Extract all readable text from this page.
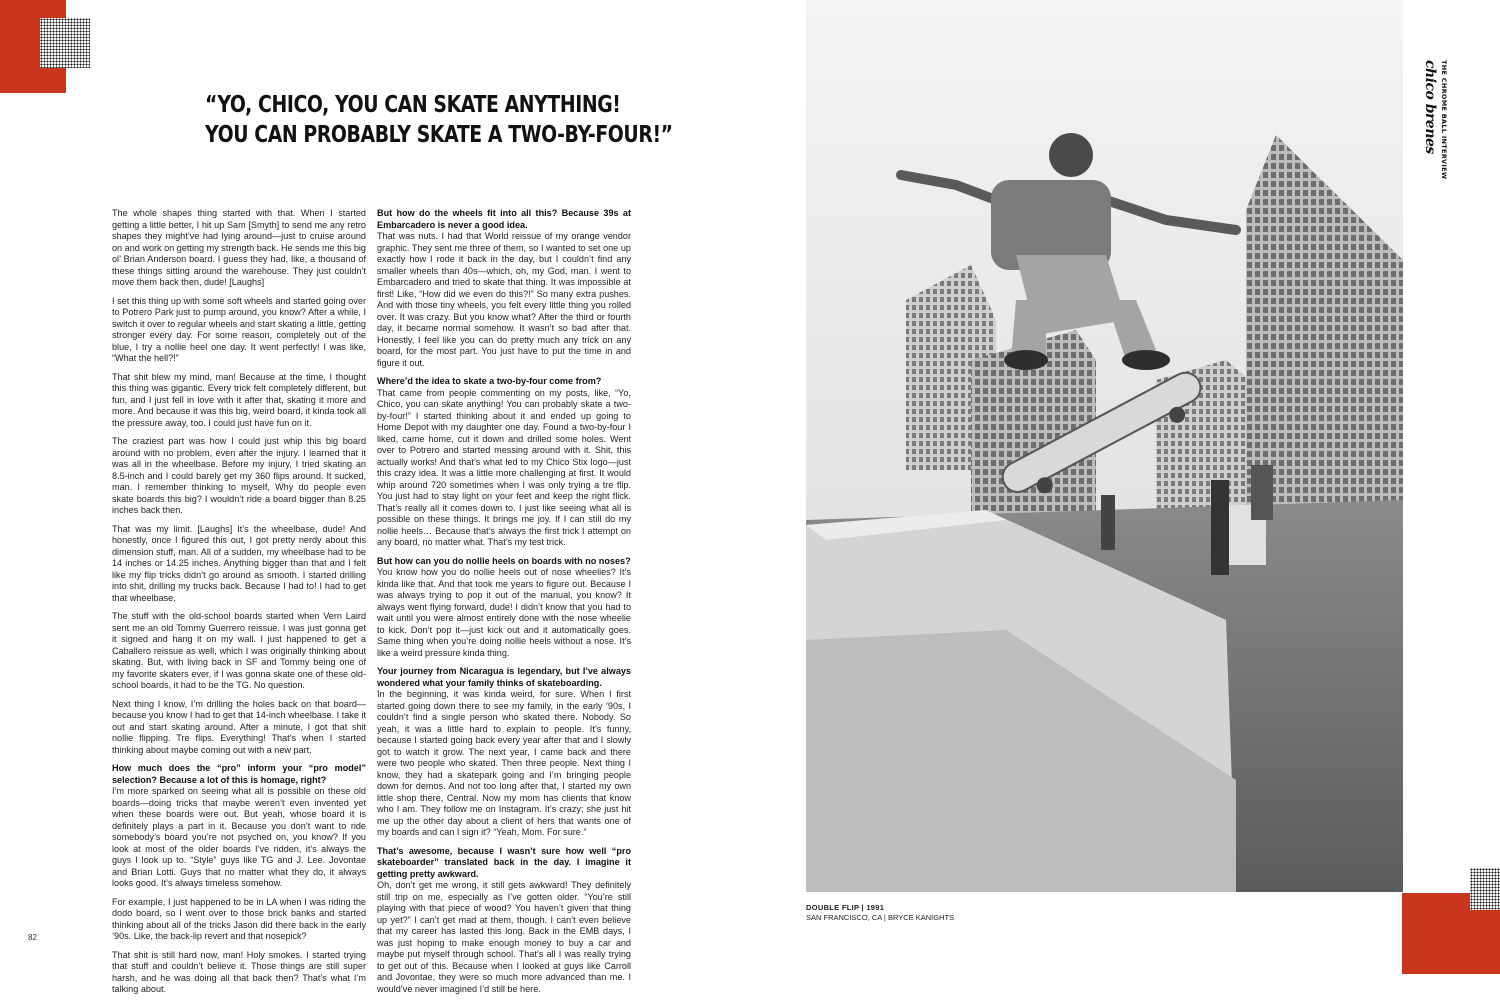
“YO, CHICO, YOU CAN SKATE ANYTHING!
YOU CAN PROBABLY SKATE A TWO-BY-FOUR!”

The whole shapes thing started with that. When I started getting a little better, I hit up Sam [Smyth] to send me any retro shapes they might’ve had lying around—just to cruise around on and work on getting my strength back. He sends me this big ol’ Brian Anderson board. I guess they had, like, a thousand of these things sitting around the warehouse. They just couldn’t move them back then, dude! [Laughs]

I set this thing up with some soft wheels and started going over to Potrero Park just to pump around, you know? After a while, I switch it over to regular wheels and start skating a little, getting stronger every day. For some reason, completely out of the blue, I try a nollie heel one day. It went perfectly! I was like, “What the hell?!”

That shit blew my mind, man! Because at the time, I thought this thing was gigantic. Every trick felt completely different, but fun, and I just fell in love with it after that, skating it more and more. And because it was this big, weird board, it kinda took all the pressure away, too. I could just have fun on it.

The craziest part was how I could just whip this big board around with no problem, even after the injury. I learned that it was all in the wheelbase. Before my injury, I tried skating an 8.5-inch and I could barely get my 360 flips around. It sucked, man. I remember thinking to myself, Why do people even skate boards this big? I wouldn’t ride a board bigger than 8.25 inches back then.

That was my limit. [Laughs] It’s the wheelbase, dude! And honestly, once I figured this out, I got pretty nerdy about this dimension stuff, man. All of a sudden, my wheelbase had to be 14 inches or 14.25 inches. Anything bigger than that and I felt like my flip tricks didn’t go around as smooth. I started drilling into shit, drilling my trucks back. Because I had to! I had to get that wheelbase.

The stuff with the old-school boards started when Vern Laird sent me an old Tommy Guerrero reissue. I was just gonna get it signed and hang it on my wall. I just happened to get a Caballero reissue as well, which I was originally thinking about skating. But, with living back in SF and Tommy being one of my favorite skaters ever, if I was gonna skate one of these old-school boards, it had to be the TG. No question.

Next thing I know, I’m drilling the holes back on that board—because you know I had to get that 14-inch wheelbase. I take it out and start skating around. After a minute, I got that shit nollie flipping. Tre flips. Everything! That’s when I started thinking about maybe coming out with a new part.

How much does the “pro” inform your “pro model” selection? Because a lot of this is homage, right?

I’m more sparked on seeing what all is possible on these old boards—doing tricks that maybe weren’t even invented yet when these boards were out. But yeah, whose board it is definitely plays a part in it. Because you don’t want to ride somebody’s board you’re not psyched on, you know? If you look at most of the older boards I’ve ridden, it’s always the guys I look up to. “Style” guys like TG and J. Lee. Jovontae and Brian Lotti. Guys that no matter what they do, it always looks good. It’s always timeless somehow.

For example, I just happened to be in LA when I was riding the dodo board, so I went over to those brick banks and started thinking about all of the tricks Jason did there back in the early ’90s. Like, the back-lip revert and that nosepick?

That shit is still hard now, man! Holy smokes. I started trying that stuff and couldn’t believe it. Those things are still super harsh, and he was doing all that back then? That’s what I’m talking about.

But how do the wheels fit into all this? Because 39s at Embarcadero is never a good idea.

That was nuts. I had that World reissue of my orange vendor graphic. They sent me three of them, so I wanted to set one up exactly how I rode it back in the day, but I couldn’t find any smaller wheels than 40s—which, oh, my God, man. I went to Embarcadero and tried to skate that thing. It was impossible at first! Like, “How did we even do this?!” So many extra pushes. And with those tiny wheels, you felt every little thing you rolled over. It was crazy. But you know what? After the third or fourth day, it became normal somehow. It wasn’t so bad after that. Honestly, I feel like you can do pretty much any trick on any board, for the most part. You just have to put the time in and figure it out.

Where’d the idea to skate a two-by-four come from?

That came from people commenting on my posts, like, “Yo, Chico, you can skate anything! You can probably skate a two-by-four!” I started thinking about it and ended up going to Home Depot with my daughter one day. Found a two-by-four I liked, came home, cut it down and drilled some holes. Went over to Potrero and started messing around with it. Shit, this actually works! And that’s what led to my Chico Stix logo—just this crazy idea. It was a little more challenging at first. It would whip around 720 sometimes when I was only trying a tre flip. You just had to stay light on your feet and keep the right flick. That’s really all it comes down to. I just like seeing what all is possible on these things. It brings me joy. If I can still do my nollie heels… Because that’s always the first trick I attempt on any board, no matter what. That’s my test trick.

But how can you do nollie heels on boards with no noses?

You know how you do nollie heels out of nose wheelies? It’s kinda like that. And that took me years to figure out. Because I was always trying to pop it out of the manual, you know? It always went flying forward, dude! I didn’t know that you had to wait until you were almost entirely done with the nose wheelie to kick. Don’t pop it—just kick out and it automatically goes. Same thing when you’re doing nollie heels without a nose. It’s like a weird pressure kinda thing.

Your journey from Nicaragua is legendary, but I’ve always wondered what your family thinks of skateboarding.

In the beginning, it was kinda weird, for sure. When I first started going down there to see my family, in the early ’90s, I couldn’t find a single person who skated there. Nobody. So yeah, it was a little hard to explain to people. It’s funny, because I started going back every year after that and I slowly got to watch it grow. The next year, I came back and there were two people who skated. Then three people. Next thing I know, they had a skatepark going and I’m bringing people down for demos. And not too long after that, I started my own little shop there, Central. Now my mom has clients that know who I am. They follow me on Instagram. It’s crazy; she just hit me up the other day about a client of hers that wants one of my boards and can I sign it? “Yeah, Mom. For sure.”

That’s awesome, because I wasn’t sure how well “pro skateboarder” translated back in the day. I imagine it getting pretty awkward.

Oh, don’t get me wrong, it still gets awkward! They definitely still trip on me, especially as I’ve gotten older. “You’re still playing with that piece of wood? You haven’t given that thing up yet?” I can’t get mad at them, though. I can’t even believe that my career has lasted this long. Back in the EMB days, I was just hoping to make enough money to buy a car and maybe put myself through school. That’s all I was really trying to get out of this. Because when I looked at guys like Carroll and Jovontae, they were so much more advanced than me. I would’ve never imagined I’d still be here.

82
DOUBLE FLIP | 1991
SAN FRANCISCO, CA | BRYCE KANIGHTS
chico brenes THE CHROME BALL INTERVIEW
